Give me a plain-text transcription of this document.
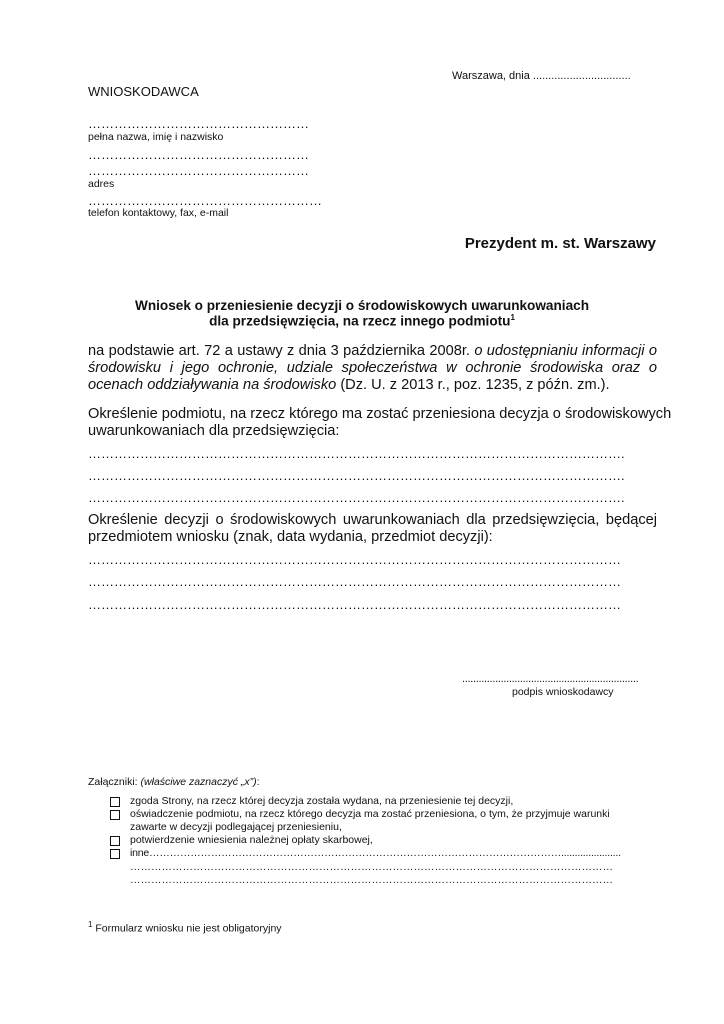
Warszawa, dnia ................................
WNIOSKODAWCA
……………………………………………
pełna nazwa, imię i nazwisko
……………………………………………
……………………………………………
adres
………………………………………………
telefon kontaktowy, fax, e-mail
Prezydent m. st. Warszawy
Wniosek o przeniesienie decyzji o środowiskowych uwarunkowaniach
dla przedsięwzięcia, na rzecz innego podmiotu$^1$
na podstawie art. 72 a ustawy z dnia 3 października 2008r. o udostępnianiu informacji o środowisku i jego ochronie, udziale społeczeństwa w ochronie środowiska oraz o ocenach oddziaływania na środowisko (Dz. U. z 2013 r., poz. 1235, z późn. zm.).
Określenie podmiotu, na rzecz którego ma zostać przeniesiona decyzja o środowiskowych
uwarunkowaniach dla przedsięwzięcia:
…………………………………………………………………………………………………………….
…………………………………………………………………………………………………………….
…………………………………………………………………………………………………………….
Określenie decyzji o środowiskowych uwarunkowaniach dla przedsięwzięcia, będącej
przedmiotem wniosku (znak, data wydania, przedmiot decyzji):
……………………………………………………………………………………………………………
……………………………………………………………………………………………………………
……………………………………………………………………………………………………………
................................................................
podpis wnioskodawcy
Załączniki: (właściwe zaznaczyć „x”):
zgoda Strony, na rzecz której decyzja została wydana, na przeniesienie tej decyzji,
oświadczenie podmiotu, na rzecz którego decyzja ma zostać przeniesiona, o tym, że przyjmuje warunki
zawarte w decyzji podlegającej przeniesieniu,
potwierdzenie wniesienia należnej opłaty skarbowej,
inne…………………………………………………………………………………………………………......................
…………………………………………………………………………………………………………………………
…………………………………………………………………………………………………………………………
$^1$ Formularz wniosku nie jest obligatoryjny
